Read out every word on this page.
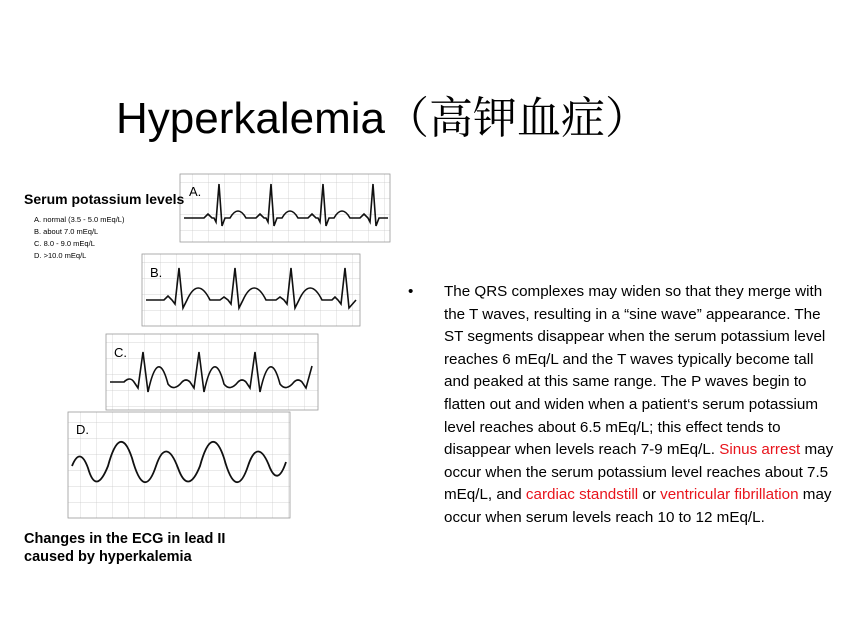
Hyperkalemia（高钾血症）
A.
B.
C.
D.
Serum potassium levels
A. normal (3.5 - 5.0 mEq/L)
B. about 7.0 mEq/L
C. 8.0 - 9.0 mEq/L
D. >10.0 mEq/L
Changes in the ECG in lead II
caused by hyperkalemia
• The QRS complexes may widen so that they merge with the T waves, resulting in a “sine wave” appearance. The ST segments disappear when the serum potassium level reaches 6 mEq/L and the T waves typically become tall and peaked at this same range. The P waves begin to flatten out and widen when a patient‘s serum potassium level reaches about 6.5 mEq/L; this effect tends to disappear when levels reach 7-9 mEq/L. Sinus arrest may occur when the serum potassium level reaches about 7.5 mEq/L, and cardiac standstill or ventricular fibrillation may occur when serum levels reach 10 to 12 mEq/L.
